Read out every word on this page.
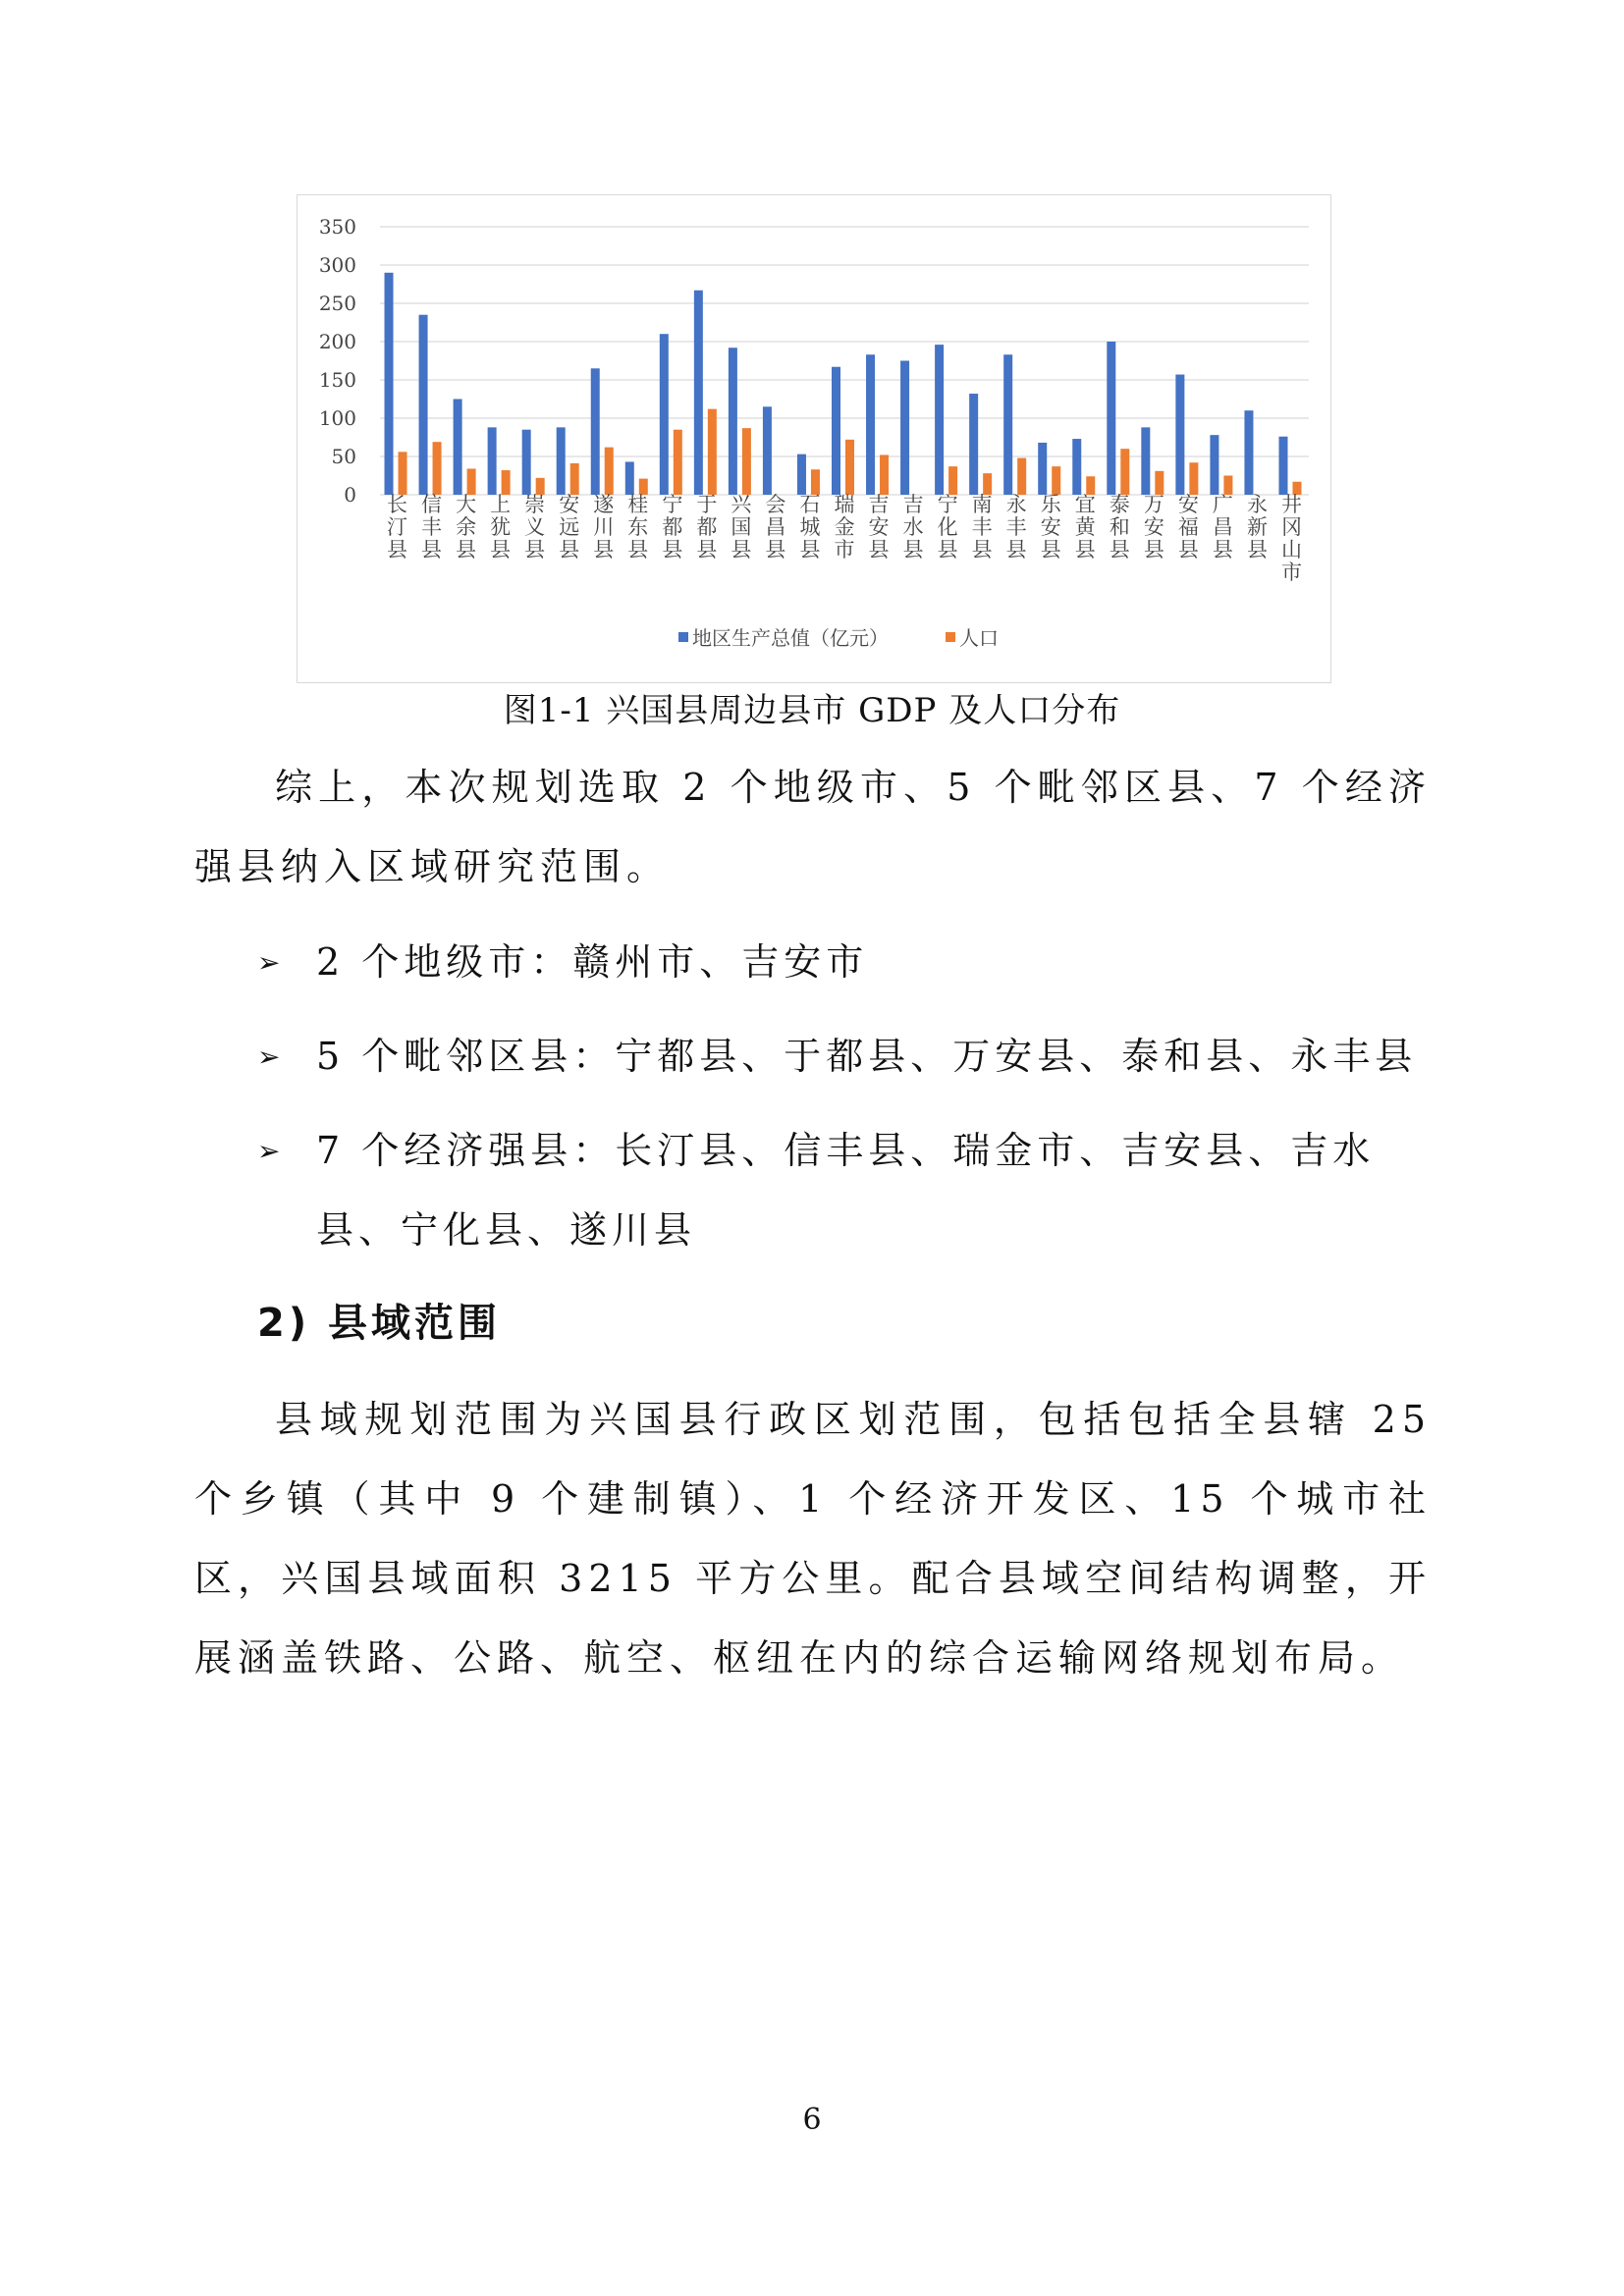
350
300
250
200
150
100
50
0 长汀县
信丰县
大余县
上犹县
崇义县
安远县
遂川县
桂东县
宁都县
于都县
兴国县
会昌县
石城县
瑞金市
吉安县
吉水县
宁化县
南丰县
永丰县
乐安县
宜黄县
泰和县
万安县
安福县
广昌县
永新县
井冈山市
地区生产总值（亿元）	人口
图1-1 兴国县周边县市 GDP 及人口分布

综上，本次规划选取 2 个地级市、5 个毗邻区县、7 个经济强县纳入区域研究范围。

➢ 2 个地级市：赣州市、吉安市
➢ 5 个毗邻区县：宁都县、于都县、万安县、泰和县、永丰县
➢ 7 个经济强县：长汀县、信丰县、瑞金市、吉安县、吉水县、宁化县、遂川县
2) 县域范围

县域规划范围为兴国县行政区划范围，包括包括全县辖 25 个乡镇（其中 9 个建制镇）、1 个经济开发区、15 个城市社区，兴国县域面积 3215 平方公里。配合县域空间结构调整，开展涵盖铁路、公路、航空、枢纽在内的综合运输网络规划布局。

6
